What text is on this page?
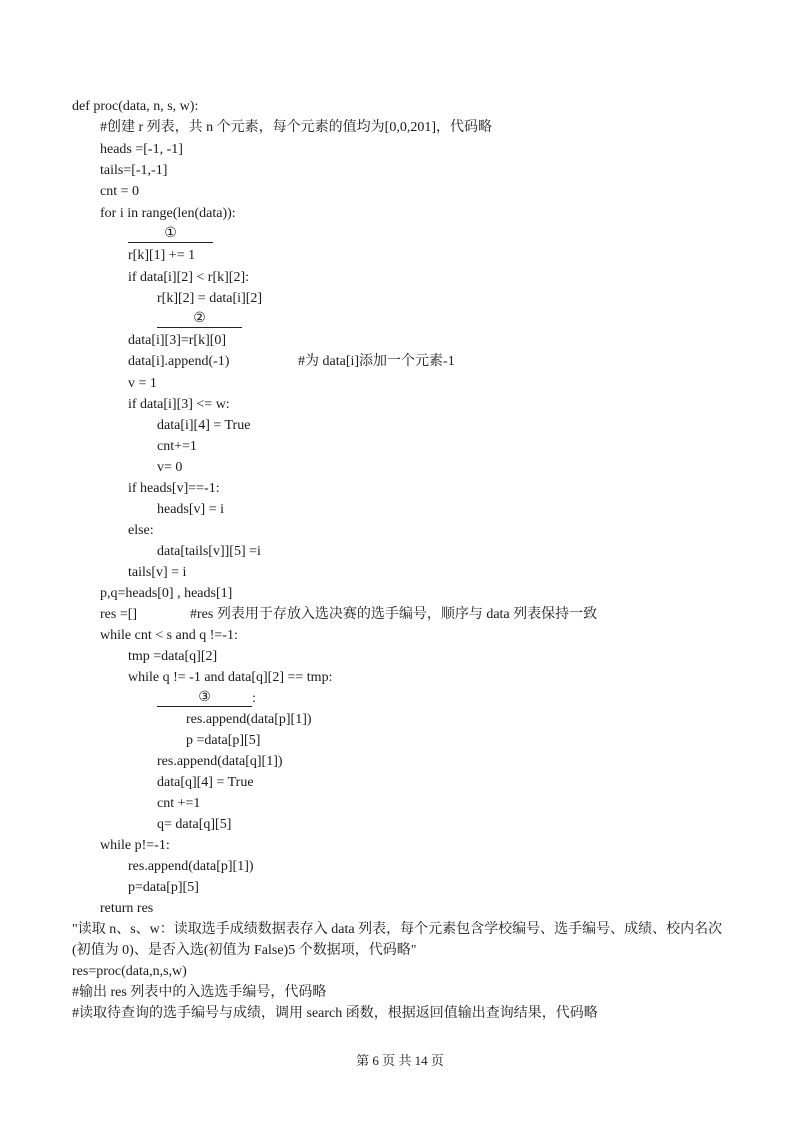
def proc(data, n, s, w):
#创建 r 列表，共 n 个元素，每个元素的值均为[0,0,201]，代码略
heads =[-1, -1]
tails=[-1,-1]
cnt = 0
for i in range(len(data)):
①
r[k][1] += 1
if data[i][2] < r[k][2]:
r[k][2] = data[i][2]
②
data[i][3]=r[k][0]
data[i].append(-1)	#为 data[i]添加一个元素-1
v = 1
if data[i][3] <= w:
data[i][4] = True
cnt+=1
v= 0
if heads[v]==-1:
heads[v] = i
else:
data[tails[v]][5] =i
tails[v] = i
p,q=heads[0] , heads[1]
res =[]	#res 列表用于存放入选决赛的选手编号，顺序与 data 列表保持一致
while cnt < s and q !=-1:
tmp =data[q][2]
while q != -1 and data[q][2] == tmp:
③	:
res.append(data[p][1])
p =data[p][5]
res.append(data[q][1])
data[q][4] = True
cnt +=1
q= data[q][5]
while p!=-1:
res.append(data[p][1])
p=data[p][5]
return res
"读取 n、s、w：读取选手成绩数据表存入 data 列表，每个元素包含学校编号、选手编号、成绩、校内名次
(初值为 0)、是否入选(初值为 False)5 个数据项，代码略"
res=proc(data,n,s,w)
#输出 res 列表中的入选选手编号，代码略
#读取待查询的选手编号与成绩，调用 search 函数，根据返回值输出查询结果，代码略
第 6 页 共 14 页
